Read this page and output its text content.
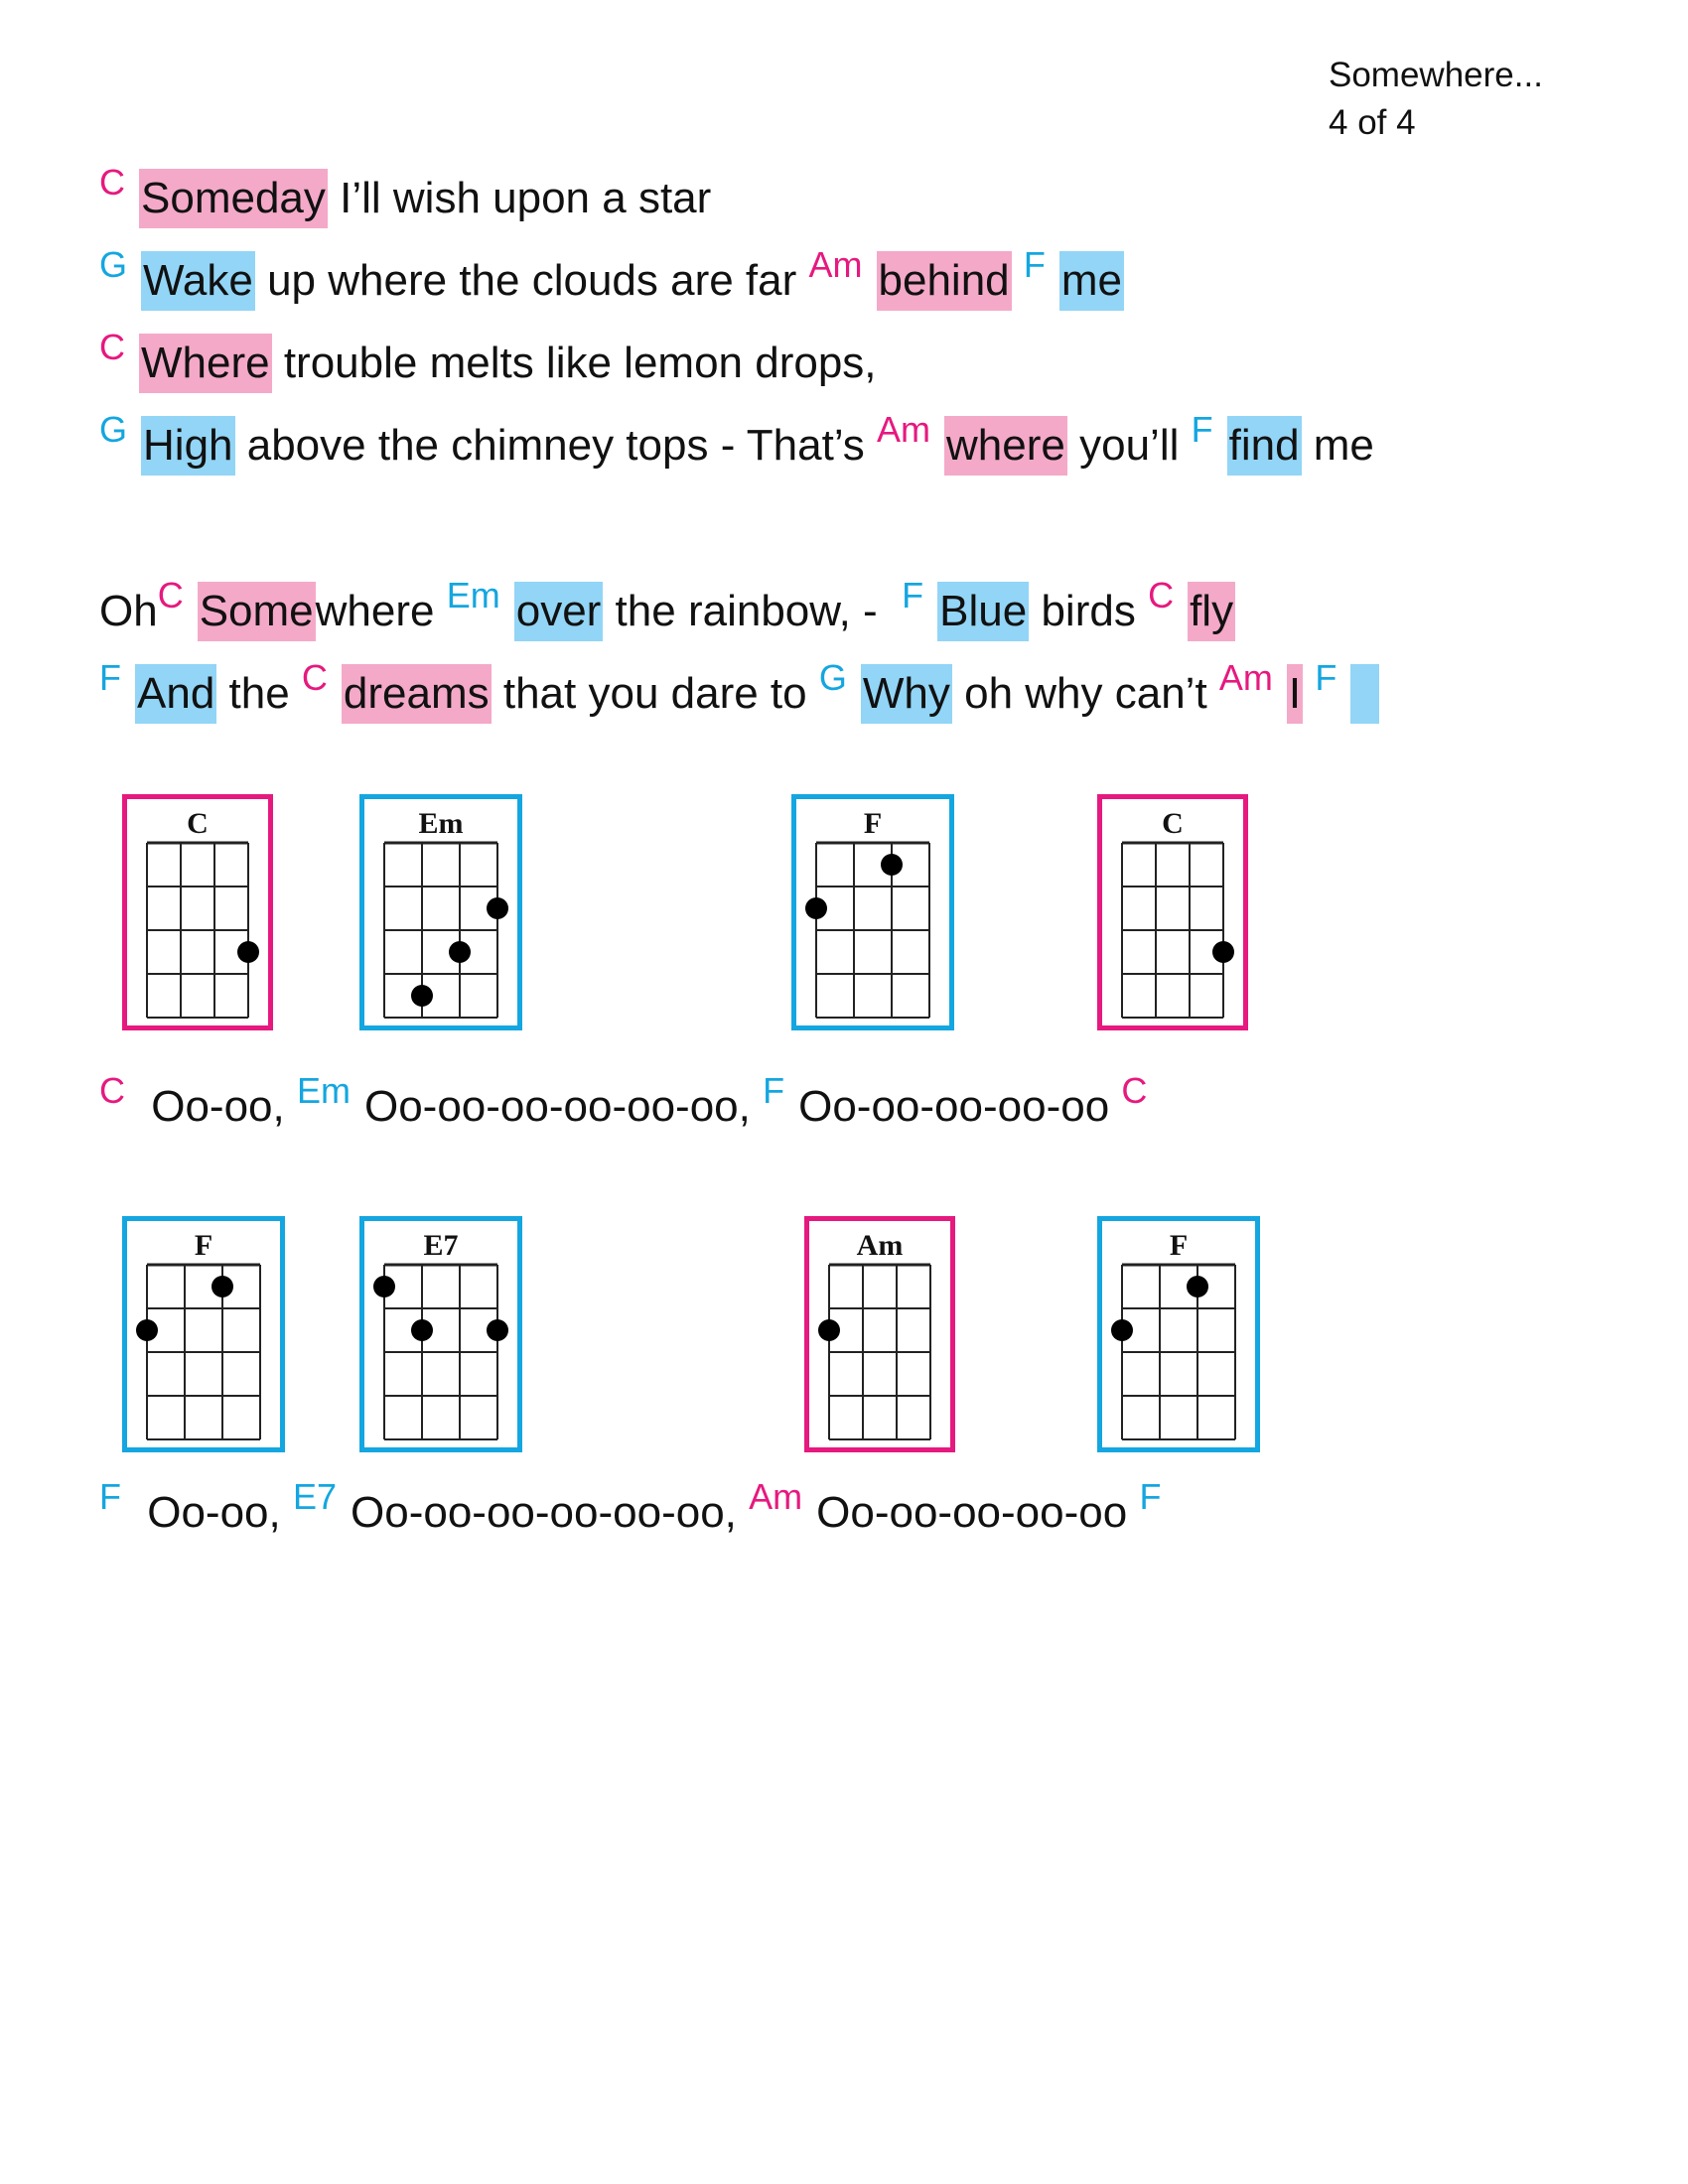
Somewhere...
4 of 4
C Someday I’ll wish upon a star
G Wake up where the clouds are far Am behind F me
C Where trouble melts like lemon drops,
G High above the chimney tops - That’s Am where you’ll F find me
OhC Somewhere Em over the rainbow, -  F Blue birds C fly
F And the C dreams that you dare to G Why oh why can’t Am I F
C Oo-oo, Em Oo-oo-oo-oo-oo-oo, F Oo-oo-oo-oo-oo C
F Oo-oo, E7 Oo-oo-oo-oo-oo-oo, Am Oo-oo-oo-oo-oo F
C	Em	F	C
F	E7	Am	F
